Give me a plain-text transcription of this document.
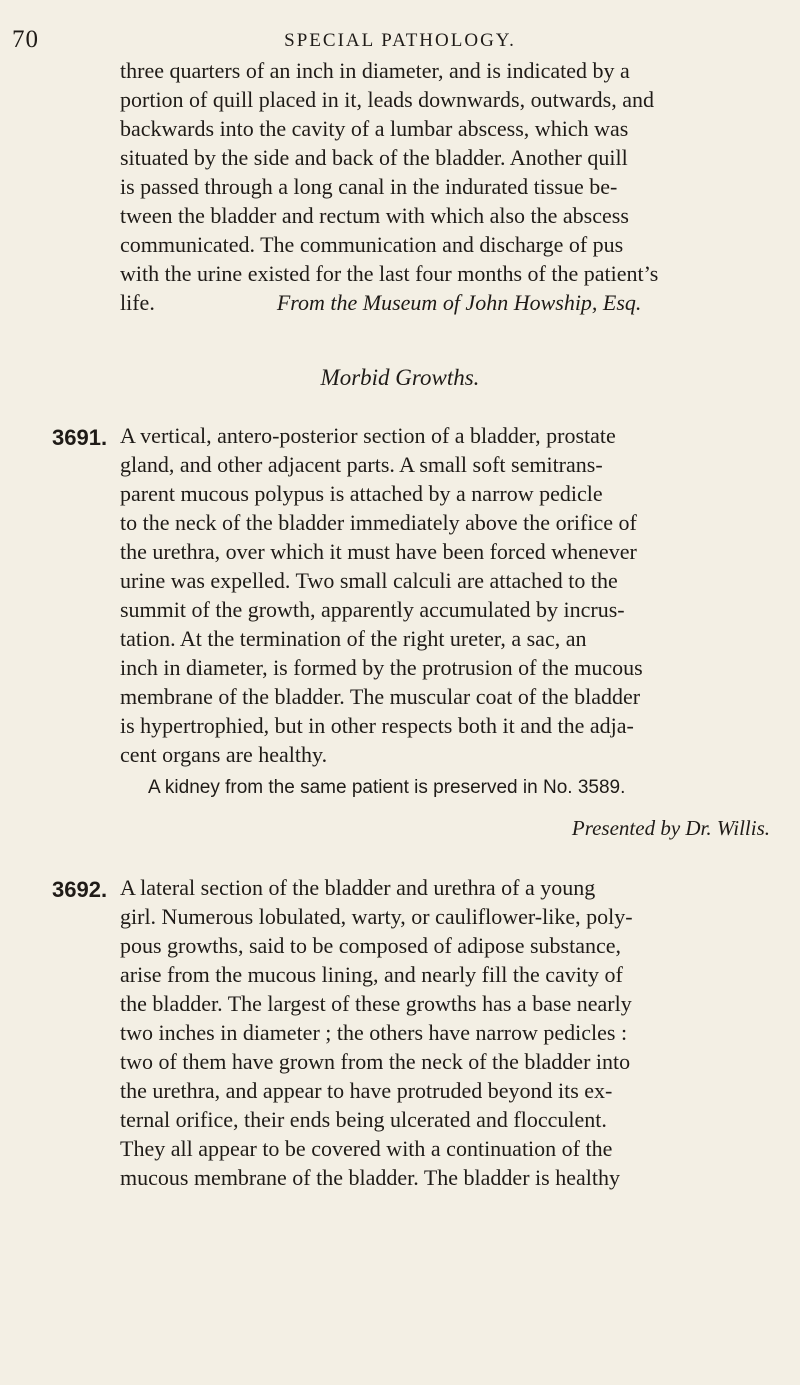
70	SPECIAL PATHOLOGY.
three quarters of an inch in diameter, and is indicated by a
portion of quill placed in it, leads downwards, outwards, and
backwards into the cavity of a lumbar abscess, which was
situated by the side and back of the bladder. Another quill
is passed through a long canal in the indurated tissue be-
tween the bladder and rectum with which also the abscess
communicated. The communication and discharge of pus
with the urine existed for the last four months of the patient’s
life.	From the Museum of John Howship, Esq.
Morbid Growths.
3691. A vertical, antero-posterior section of a bladder, prostate
gland, and other adjacent parts. A small soft semitrans-
parent mucous polypus is attached by a narrow pedicle
to the neck of the bladder immediately above the orifice of
the urethra, over which it must have been forced whenever
urine was expelled. Two small calculi are attached to the
summit of the growth, apparently accumulated by incrus-
tation. At the termination of the right ureter, a sac, an
inch in diameter, is formed by the protrusion of the mucous
membrane of the bladder. The muscular coat of the bladder
is hypertrophied, but in other respects both it and the adja-
cent organs are healthy.
A kidney from the same patient is preserved in No. 3589.
Presented by Dr. Willis.
3692. A lateral section of the bladder and urethra of a young
girl. Numerous lobulated, warty, or cauliflower-like, poly-
pous growths, said to be composed of adipose substance,
arise from the mucous lining, and nearly fill the cavity of
the bladder. The largest of these growths has a base nearly
two inches in diameter ; the others have narrow pedicles :
two of them have grown from the neck of the bladder into
the urethra, and appear to have protruded beyond its ex-
ternal orifice, their ends being ulcerated and flocculent.
They all appear to be covered with a continuation of the
mucous membrane of the bladder. The bladder is healthy
